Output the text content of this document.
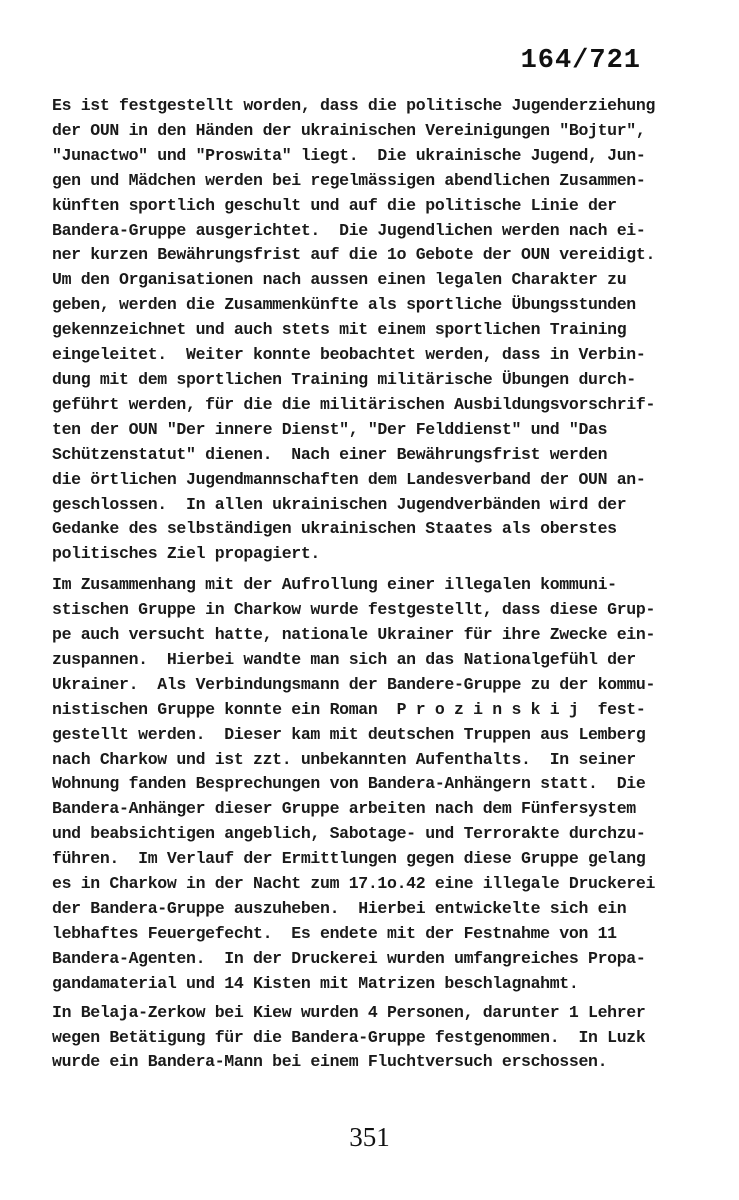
164/721
Es ist festgestellt worden, dass die politische Jugenderziehung
der OUN in den Händen der ukrainischen Vereinigungen "Bojtur",
"Junactwo" und "Proswita" liegt.  Die ukrainische Jugend, Jun-
gen und Mädchen werden bei regelmässigen abendlichen Zusammen-
künften sportlich geschult und auf die politische Linie der
Bandera-Gruppe ausgerichtet.  Die Jugendlichen werden nach ei-
ner kurzen Bewährungsfrist auf die 1o Gebote der OUN vereidigt.
Um den Organisationen nach aussen einen legalen Charakter zu
geben, werden die Zusammenkünfte als sportliche Übungsstunden
gekennzeichnet und auch stets mit einem sportlichen Training
eingeleitet.  Weiter konnte beobachtet werden, dass in Verbin-
dung mit dem sportlichen Training militärische Übungen durch-
geführt werden, für die die militärischen Ausbildungsvorschrif-
ten der OUN "Der innere Dienst", "Der Felddienst" und "Das
Schützenstatut" dienen.  Nach einer Bewährungsfrist werden
die örtlichen Jugendmannschaften dem Landesverband der OUN an-
geschlossen.  In allen ukrainischen Jugendverbänden wird der
Gedanke des selbständigen ukrainischen Staates als oberstes
politisches Ziel propagiert.
Im Zusammenhang mit der Aufrollung einer illegalen kommuni-
stischen Gruppe in Charkow wurde festgestellt, dass diese Grup-
pe auch versucht hatte, nationale Ukrainer für ihre Zwecke ein-
zuspannen.  Hierbei wandte man sich an das Nationalgefühl der
Ukrainer.  Als Verbindungsmann der Bandere-Gruppe zu der kommu-
nistischen Gruppe konnte ein Roman  P r o z i n s k i j  fest-
gestellt werden.  Dieser kam mit deutschen Truppen aus Lemberg
nach Charkow und ist zzt. unbekannten Aufenthalts.  In seiner
Wohnung fanden Besprechungen von Bandera-Anhängern statt.  Die
Bandera-Anhänger dieser Gruppe arbeiten nach dem Fünfersystem
und beabsichtigen angeblich, Sabotage- und Terrorakte durchzu-
führen.  Im Verlauf der Ermittlungen gegen diese Gruppe gelang
es in Charkow in der Nacht zum 17.1o.42 eine illegale Druckerei
der Bandera-Gruppe auszuheben.  Hierbei entwickelte sich ein
lebhaftes Feuergefecht.  Es endete mit der Festnahme von 11
Bandera-Agenten.  In der Druckerei wurden umfangreiches Propa-
gandamaterial und 14 Kisten mit Matrizen beschlagnahmt.
In Belaja-Zerkow bei Kiew wurden 4 Personen, darunter 1 Lehrer
wegen Betätigung für die Bandera-Gruppe festgenommen.  In Luzk
wurde ein Bandera-Mann bei einem Fluchtversuch erschossen.
351
